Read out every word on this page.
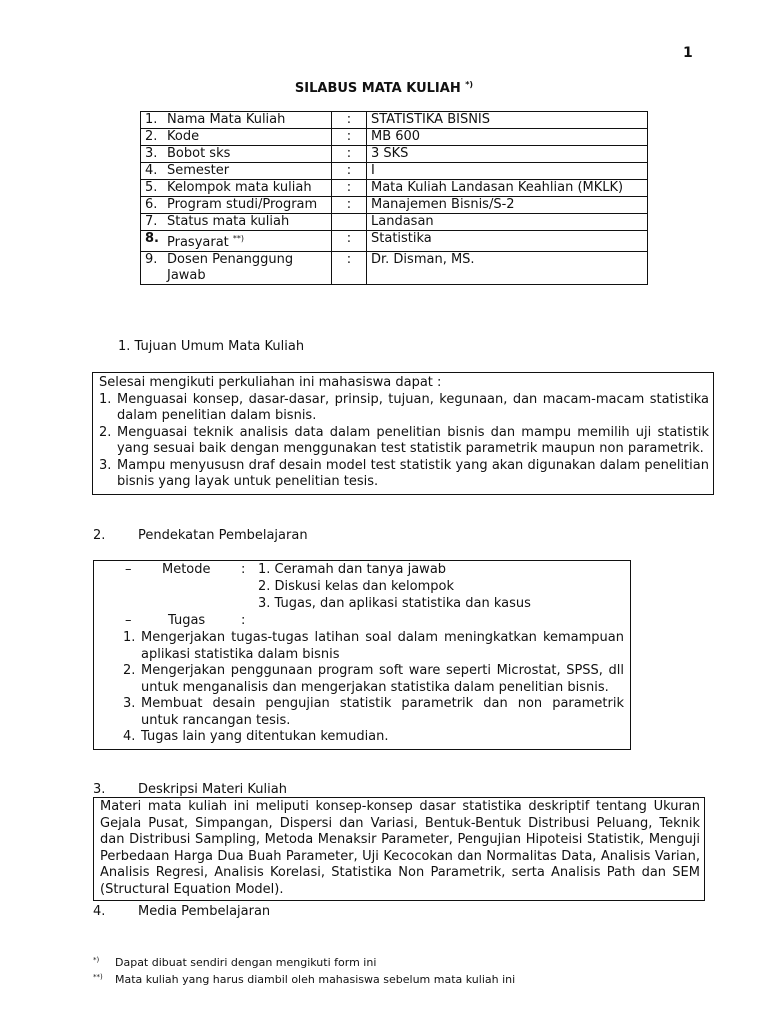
1
SILABUS MATA KULIAH *)
1. Nama Mata Kuliah	:	STATISTIKA BISNIS
2. Kode	:	MB 600
3. Bobot sks	:	3 SKS
4. Semester	:	I
5. Kelompok mata kuliah	:	Mata Kuliah Landasan Keahlian (MKLK)
6. Program studi/Program	:	Manajemen Bisnis/S-2
7. Status mata kuliah		Landasan
8. Prasyarat **)	:	Statistika
9. Dosen Penanggung Jawab	:	Dr. Disman, MS.
1. Tujuan Umum Mata Kuliah
Selesai mengikuti perkuliahan ini mahasiswa dapat :
1. Menguasai konsep, dasar-dasar, prinsip, tujuan, kegunaan, dan macam-macam statistika dalam penelitian dalam bisnis.
2. Menguasai teknik analisis data dalam penelitian bisnis dan mampu memilih uji statistik yang sesuai baik dengan menggunakan test statistik parametrik maupun non parametrik.
3. Mampu menyususn draf desain model test statistik yang akan digunakan dalam penelitian bisnis yang layak untuk penelitian tesis.
2.	Pendekatan Pembelajaran
– Metode : 1. Ceramah dan tanya jawab
2. Diskusi kelas dan kelompok
3. Tugas, dan aplikasi statistika dan kasus
–	Tugas	:
1. Mengerjakan tugas-tugas latihan soal dalam meningkatkan kemampuan aplikasi statistika dalam bisnis
2. Mengerjakan penggunaan program soft ware seperti Microstat, SPSS, dll untuk menganalisis dan mengerjakan statistika dalam penelitian bisnis.
3. Membuat desain pengujian statistik parametrik dan non parametrik untuk rancangan tesis.
4. Tugas lain yang ditentukan kemudian.
3.	Deskripsi Materi Kuliah
Materi mata kuliah ini meliputi konsep-konsep dasar statistika deskriptif tentang Ukuran Gejala Pusat, Simpangan, Dispersi dan Variasi, Bentuk-Bentuk Distribusi Peluang, Teknik dan Distribusi Sampling, Metoda Menaksir Parameter, Pengujian Hipoteisi Statistik, Menguji Perbedaan Harga Dua Buah Parameter, Uji Kecocokan dan Normalitas Data, Analisis Varian, Analisis Regresi, Analisis Korelasi, Statistika Non Parametrik, serta Analisis Path dan SEM (Structural Equation Model).
4.	Media Pembelajaran
*) Dapat dibuat sendiri dengan mengikuti form ini
**) Mata kuliah yang harus diambil oleh mahasiswa sebelum mata kuliah ini
